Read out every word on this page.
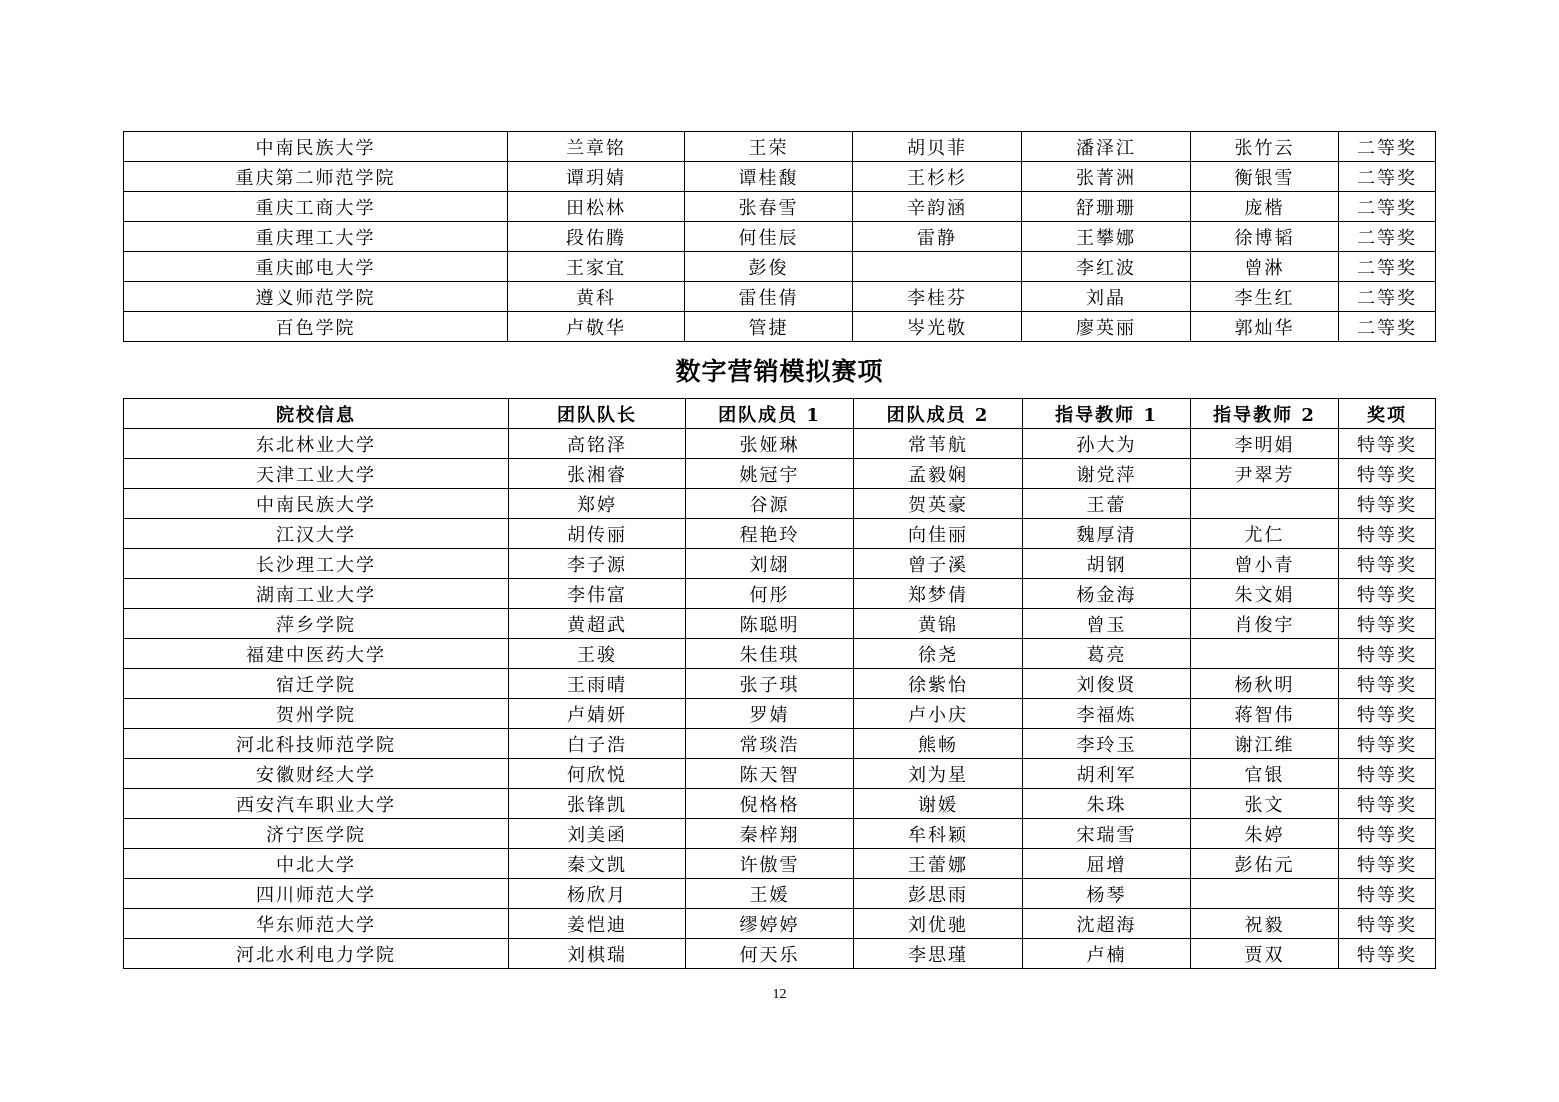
中南民族大学	兰章铭	王荣	胡贝菲	潘泽江	张竹云	二等奖
重庆第二师范学院	谭玥婧	谭桂馥	王杉杉	张菁洲	衡银雪	二等奖
重庆工商大学	田松林	张春雪	辛韵涵	舒珊珊	庞楷	二等奖
重庆理工大学	段佑腾	何佳辰	雷静	王攀娜	徐博韬	二等奖
重庆邮电大学	王家宜	彭俊		李红波	曾淋	二等奖
遵义师范学院	黄科	雷佳倩	李桂芬	刘晶	李生红	二等奖
百色学院	卢敬华	管捷	岑光敬	廖英丽	郭灿华	二等奖
数字营销模拟赛项
院校信息	团队队长	团队成员 1	团队成员 2	指导教师 1	指导教师 2	奖项
东北林业大学	高铭泽	张娅琳	常苇航	孙大为	李明娟	特等奖
天津工业大学	张湘睿	姚冠宇	孟毅娴	谢党萍	尹翠芳	特等奖
中南民族大学	郑婷	谷源	贺英豪	王蕾		特等奖
江汉大学	胡传丽	程艳玲	向佳丽	魏厚清	尤仁	特等奖
长沙理工大学	李子源	刘翃	曾子溪	胡钢	曾小青	特等奖
湖南工业大学	李伟富	何彤	郑梦倩	杨金海	朱文娟	特等奖
萍乡学院	黄超武	陈聪明	黄锦	曾玉	肖俊宇	特等奖
福建中医药大学	王骏	朱佳琪	徐尧	葛亮		特等奖
宿迁学院	王雨晴	张子琪	徐紫怡	刘俊贤	杨秋明	特等奖
贺州学院	卢婧妍	罗婧	卢小庆	李福炼	蒋智伟	特等奖
河北科技师范学院	白子浩	常琰浩	熊畅	李玲玉	谢江维	特等奖
安徽财经大学	何欣悦	陈天智	刘为星	胡利军	官银	特等奖
西安汽车职业大学	张锋凯	倪格格	谢媛	朱珠	张文	特等奖
济宁医学院	刘美函	秦梓翔	牟科颖	宋瑞雪	朱婷	特等奖
中北大学	秦文凯	许傲雪	王蕾娜	屈增	彭佑元	特等奖
四川师范大学	杨欣月	王媛	彭思雨	杨琴		特等奖
华东师范大学	姜恺迪	缪婷婷	刘优驰	沈超海	祝毅	特等奖
河北水利电力学院	刘棋瑞	何天乐	李思瑾	卢楠	贾双	特等奖
12
